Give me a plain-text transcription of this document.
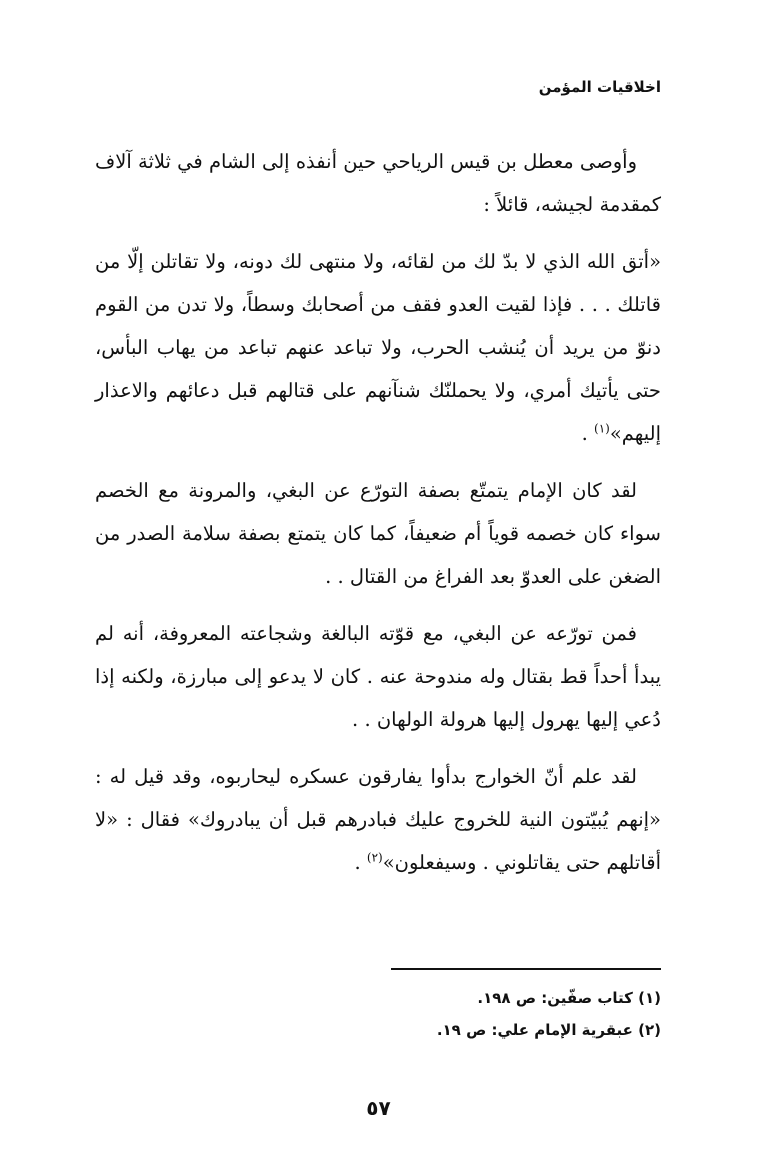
اخلاقيات المؤمن

وأوصى معطل بن قيس الرياحي حين أنفذه إلى الشام في ثلاثة آلاف كمقدمة لجيشه، قائلاً :

«أتق الله الذي لا بدّ لك من لقائه، ولا منتهى لك دونه، ولا تقاتلن إلّا من قاتلك . . . فإذا لقيت العدو فقف من أصحابك وسطاً، ولا تدن من القوم دنوّ من يريد أن يُنشب الحرب، ولا تباعد عنهم تباعد من يهاب البأس، حتى يأتيك أمري، ولا يحملنّك شنآنهم على قتالهم قبل دعائهم والاعذار إليهم»$^{(١)}$ .

لقد كان الإمام يتمتّع بصفة التورّع عن البغي، والمرونة مع الخصم سواء كان خصمه قوياً أم ضعيفاً، كما كان يتمتع بصفة سلامة الصدر من الضغن على العدوّ بعد الفراغ من القتال . .

فمن تورّعه عن البغي، مع قوّته البالغة وشجاعته المعروفة، أنه لم يبدأ أحداً قط بقتال وله مندوحة عنه . كان لا يدعو إلى مبارزة، ولكنه إذا دُعي إليها يهرول إليها هرولة الولهان . .

لقد علم أنّ الخوارج بدأوا يفارقون عسكره ليحاربوه، وقد قيل له : «إنهم يُبيّتون النية للخروج عليك فبادرهم قبل أن يبادروك» فقال : «لا أقاتلهم حتى يقاتلوني . وسيفعلون»$^{(٢)}$ .

(١) كتاب صفّين: ص ١٩٨.

(٢) عبقرية الإمام علي: ص ١٩.

٥٧
